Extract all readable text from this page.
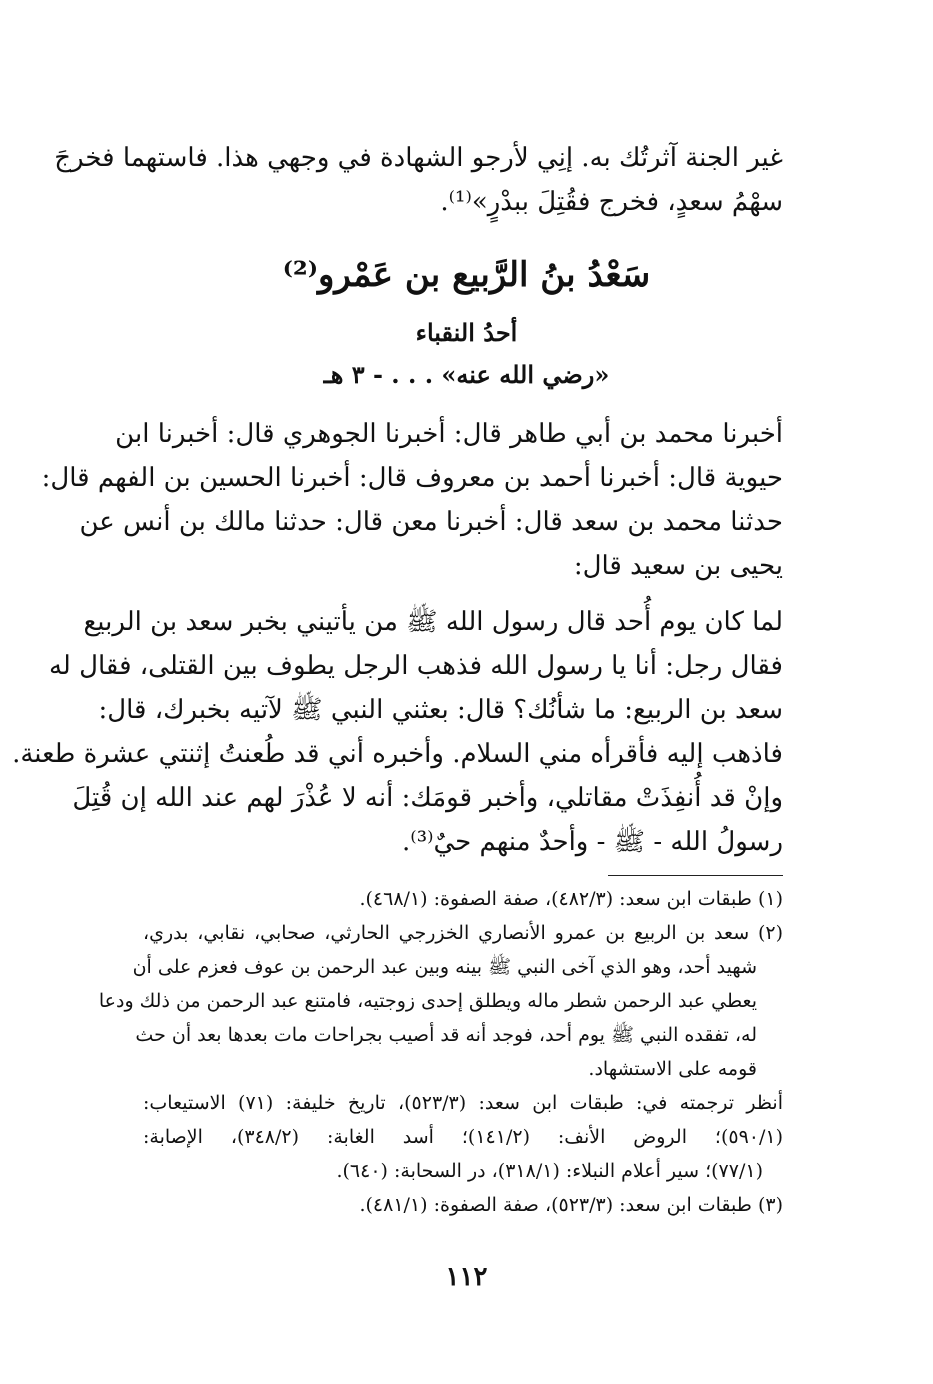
غير الجنة آثرتُك به. إنِي لأرجو الشهادة في وجهي هذا. فاستهما فخرجَ
سهْمُ سعدٍ، فخرج فقُتِلَ ببدْرٍ»⁽¹⁾.
سَعْدُ بنُ الرَّبيع بن عَمْرو⁽²⁾
أحدُ النقباء
«رضي الله عنه» . . . - ٣ هـ
أخبرنا محمد بن أبي طاهر قال: أخبرنا الجوهري قال: أخبرنا ابن
حيوية قال: أخبرنا أحمد بن معروف قال: أخبرنا الحسين بن الفهم قال:
حدثنا محمد بن سعد قال: أخبرنا معن قال: حدثنا مالك بن أنس عن
يحيى بن سعيد قال:
لما كان يوم أُحد قال رسول الله ﷺ من يأتيني بخبر سعد بن الربيع
فقال رجل: أنا يا رسول الله فذهب الرجل يطوف بين القتلى، فقال له
سعد بن الربيع: ما شأنُك؟ قال: بعثني النبي ﷺ لآتيه بخبرك، قال:
فاذهب إليه فأقرأه مني السلام. وأخبره أني قد طُعنتُ إثنتي عشرة طعنة.
وإنْ قد أُنفِذَتْ مقاتلي، وأخبر قومَك: أنه لا عُذْرَ لهم عند الله إن قُتِلَ
رسولُ الله - ﷺ - وأحدٌ منهم حيٌ⁽³⁾.
(١) طبقات ابن سعد: (٤٨٢/٣)، صفة الصفوة: (٤٦٨/١).
(٢) سعد بن الربيع بن عمرو الأنصاري الخزرجي الحارثي، صحابي، نقابي، بدري،
شهيد أحد، وهو الذي آخى النبي ﷺ بينه وبين عبد الرحمن بن عوف فعزم على أن
يعطي عبد الرحمن شطر ماله ويطلق إحدى زوجتيه، فامتنع عبد الرحمن من ذلك ودعا
له، تفقده النبي ﷺ يوم أحد، فوجد أنه قد أصيب بجراحات مات بعدها بعد أن حث
قومه على الاستشهاد.
أنظر ترجمته في: طبقات ابن سعد: (٥٢٣/٣)، تاريخ خليفة: (٧١) الاستيعاب:
(٥٩٠/١)؛ الروض الأنف: (١٤١/٢)؛ أسد الغابة: (٣٤٨/٢)، الإصابة:
(٧٧/١)؛ سير أعلام النبلاء: (٣١٨/١)، در السحابة: (٦٤٠).
(٣) طبقات ابن سعد: (٥٢٣/٣)، صفة الصفوة: (٤٨١/١).
١١٢
